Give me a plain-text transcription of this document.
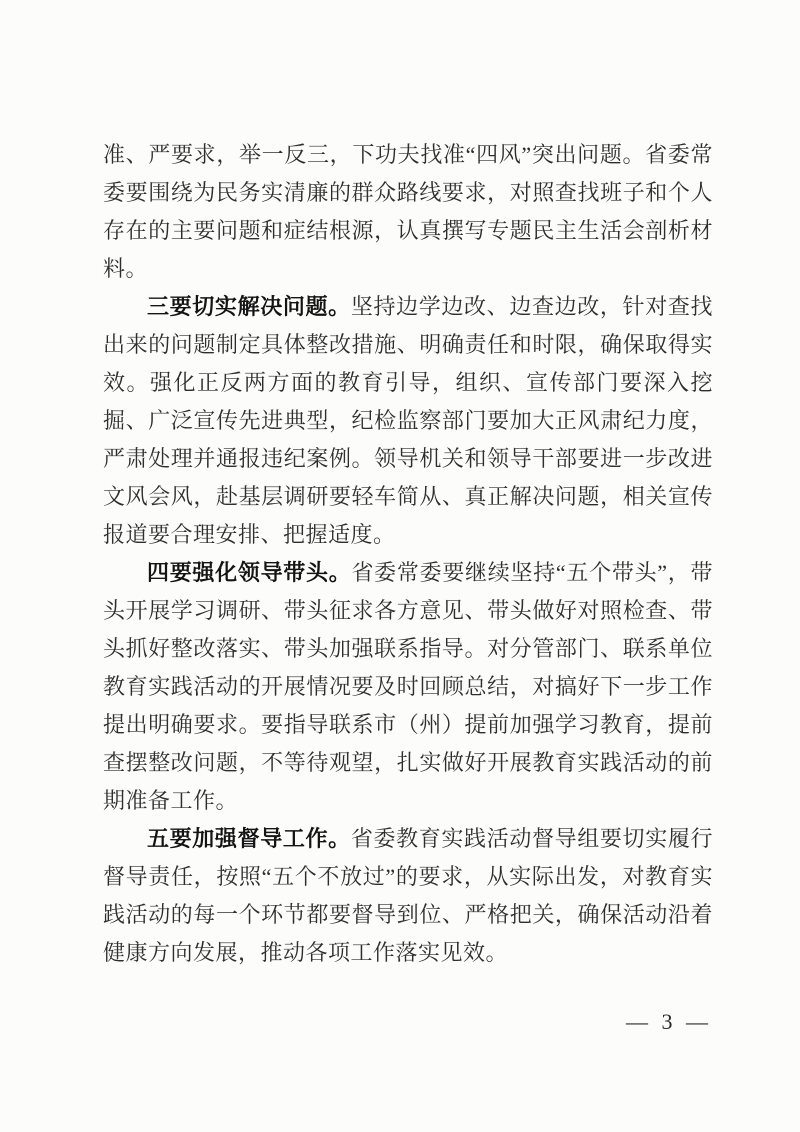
准、严要求，举一反三，下功夫找准“四风”突出问题。省委常委要围绕为民务实清廉的群众路线要求，对照查找班子和个人存在的主要问题和症结根源，认真撰写专题民主生活会剖析材料。

三要切实解决问题。坚持边学边改、边查边改，针对查找出来的问题制定具体整改措施、明确责任和时限，确保取得实效。强化正反两方面的教育引导，组织、宣传部门要深入挖掘、广泛宣传先进典型，纪检监察部门要加大正风肃纪力度，严肃处理并通报违纪案例。领导机关和领导干部要进一步改进文风会风，赴基层调研要轻车简从、真正解决问题，相关宣传报道要合理安排、把握适度。

四要强化领导带头。省委常委要继续坚持“五个带头”，带头开展学习调研、带头征求各方意见、带头做好对照检查、带头抓好整改落实、带头加强联系指导。对分管部门、联系单位教育实践活动的开展情况要及时回顾总结，对搞好下一步工作提出明确要求。要指导联系市（州）提前加强学习教育，提前查摆整改问题，不等待观望，扎实做好开展教育实践活动的前期准备工作。

五要加强督导工作。省委教育实践活动督导组要切实履行督导责任，按照“五个不放过”的要求，从实际出发，对教育实践活动的每一个环节都要督导到位、严格把关，确保活动沿着健康方向发展，推动各项工作落实见效。

— 3 —
